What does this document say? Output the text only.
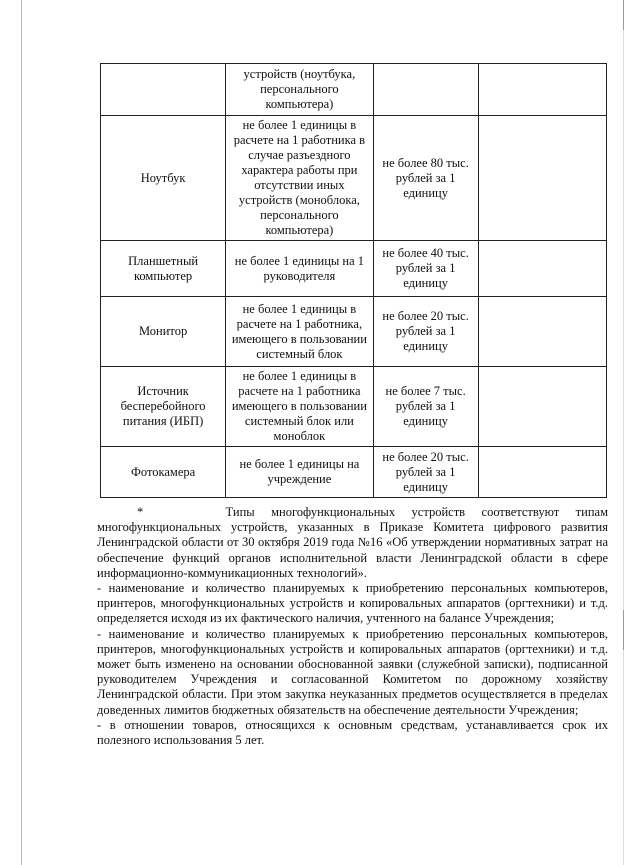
	устройств (ноутбука, персонального компьютера)		
Ноутбук	не более 1 единицы в расчете на 1 работника в случае разъездного характера работы при отсутствии иных устройств (моноблока, персонального компьютера)	не более 80 тыс. рублей за 1 единицу	
Планшетный компьютер	не более 1 единицы на 1 руководителя	не более 40 тыс. рублей за 1 единицу	
Монитор	не более 1 единицы в расчете на 1 работника, имеющего в пользовании системный блок	не более 20 тыс. рублей за 1 единицу	
Источник бесперебойного питания (ИБП)	не более 1 единицы в расчете на 1 работника имеющего в пользовании системный блок или моноблок	не более 7 тыс. рублей за 1 единицу	
Фотокамера	не более 1 единицы на учреждение	не более 20 тыс. рублей за 1 единицу	

*     Типы многофункциональных устройств соответствуют типам многофункциональных устройств, указанных в Приказе Комитета цифрового развития Ленинградской области от 30 октября 2019 года №16 «Об утверждении нормативных затрат на обеспечение функций органов исполнительной власти Ленинградской области в сфере информационно-коммуникационных технологий».

- наименование и количество планируемых к приобретению персональных компьютеров, принтеров, многофункциональных устройств и копировальных аппаратов (оргтехники) и т.д. определяется исходя из их фактического наличия, учтенного на балансе Учреждения;

- наименование и количество планируемых к приобретению персональных компьютеров, принтеров, многофункциональных устройств и копировальных аппаратов (оргтехники) и т.д. может быть изменено на основании обоснованной заявки (служебной записки), подписанной руководителем Учреждения и согласованной Комитетом по дорожному хозяйству Ленинградской области. При этом закупка неуказанных предметов осуществляется в пределах доведенных лимитов бюджетных обязательств на обеспечение деятельности Учреждения;

- в отношении товаров, относящихся к основным средствам, устанавливается срок их полезного использования 5 лет.
